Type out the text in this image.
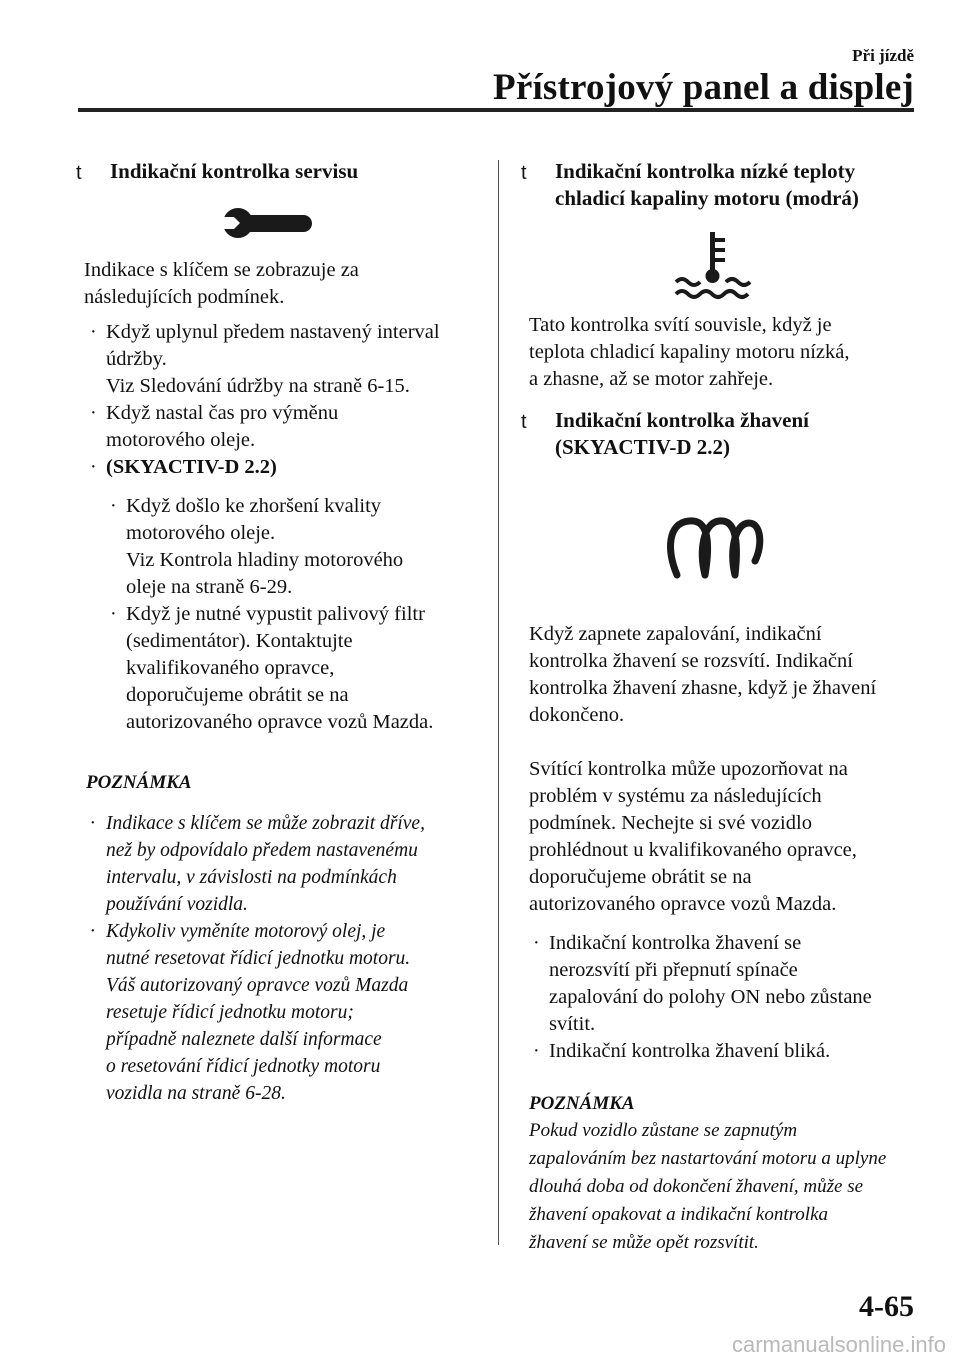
Při jízdě
Přístrojový panel a displej
t Indikační kontrolka servisu

Indikace s klíčem se zobrazuje za
následujících podmínek.

· Když uplynul předem nastavený interval
údržby.
Viz Sledování údržby na straně 6-15.
· Když nastal čas pro výměnu
motorového oleje.
· (SKYACTIV-D 2.2)
· Když došlo ke zhoršení kvality
motorového oleje.
Viz Kontrola hladiny motorového
oleje na straně 6-29.
· Když je nutné vypustit palivový filtr
(sedimentátor). Kontaktujte
kvalifikovaného opravce,
doporučujeme obrátit se na
autorizovaného opravce vozů Mazda.
POZNÁMKA
· Indikace s klíčem se může zobrazit dříve,
než by odpovídalo předem nastavenému
intervalu, v závislosti na podmínkách
používání vozidla.
· Kdykoliv vyměníte motorový olej, je
nutné resetovat řídicí jednotku motoru.
Váš autorizovaný opravce vozů Mazda
resetuje řídicí jednotku motoru;
případně naleznete další informace
o resetování řídicí jednotky motoru
vozidla na straně 6-28.
t Indikační kontrolka nízké teploty
chladicí kapaliny motoru (modrá)

Tato kontrolka svítí souvisle, když je
teplota chladicí kapaliny motoru nízká,
a zhasne, až se motor zahřeje.

t Indikační kontrolka žhavení
(SKYACTIV-D 2.2)

Když zapnete zapalování, indikační
kontrolka žhavení se rozsvítí. Indikační
kontrolka žhavení zhasne, když je žhavení
dokončeno.

Svítící kontrolka může upozorňovat na
problém v systému za následujících
podmínek. Nechejte si své vozidlo
prohlédnout u kvalifikovaného opravce,
doporučujeme obrátit se na
autorizovaného opravce vozů Mazda.

· Indikační kontrolka žhavení se
nerozsvítí při přepnutí spínače
zapalování do polohy ON nebo zůstane
svítit.
· Indikační kontrolka žhavení bliká.
POZNÁMKA

Pokud vozidlo zůstane se zapnutým
zapalováním bez nastartování motoru a uplyne
dlouhá doba od dokončení žhavení, může se
žhavení opakovat a indikační kontrolka
žhavení se může opět rozsvítit.

4-65
carmanualsonline.info
